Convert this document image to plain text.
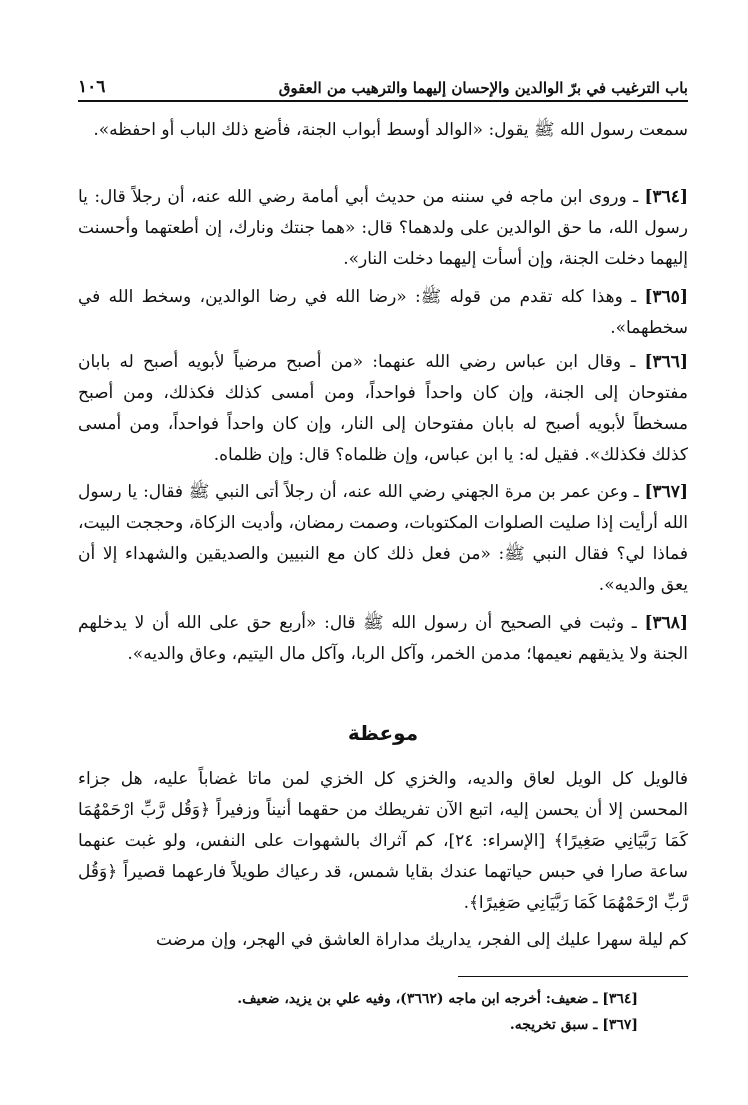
باب الترغيب في برّ الوالدين والإحسان إليهما والترهيب من العقوق
١٠٦

سمعت رسول الله ﷺ يقول: «الوالد أوسط أبواب الجنة، فأضع ذلك الباب أو احفظه».

[٣٦٤] ـ وروى ابن ماجه في سننه من حديث أبي أمامة رضي الله عنه، أن رجلاً قال: يا رسول الله، ما حق الوالدين على ولدهما؟ قال: «هما جنتك ونارك، إن أطعتهما وأحسنت إليهما دخلت الجنة، وإن أسأت إليهما دخلت النار».

[٣٦٥] ـ وهذا كله تقدم من قوله ﷺ: «رضا الله في رضا الوالدين، وسخط الله في سخطهما».

[٣٦٦] ـ وقال ابن عباس رضي الله عنهما: «من أصبح مرضياً لأبويه أصبح له بابان مفتوحان إلى الجنة، وإن كان واحداً فواحداً، ومن أمسى كذلك فكذلك، ومن أصبح مسخطاً لأبويه أصبح له بابان مفتوحان إلى النار، وإن كان واحداً فواحداً، ومن أمسى كذلك فكذلك». فقيل له: يا ابن عباس، وإن ظلماه؟ قال: وإن ظلماه.

[٣٦٧] ـ وعن عمر بن مرة الجهني رضي الله عنه، أن رجلاً أتى النبي ﷺ فقال: يا رسول الله أرأيت إذا صليت الصلوات المكتوبات، وصمت رمضان، وأديت الزكاة، وحججت البيت، فماذا لي؟ فقال النبي ﷺ: «من فعل ذلك كان مع النبيين والصديقين والشهداء إلا أن يعق والديه».

[٣٦٨] ـ وثبت في الصحيح أن رسول الله ﷺ قال: «أربع حق على الله أن لا يدخلهم الجنة ولا يذيقهم نعيمها؛ مدمن الخمر، وآكل الربا، وآكل مال اليتيم، وعاق والديه».

موعظة

فالويل كل الويل لعاق والديه، والخزي كل الخزي لمن ماتا غضاباً عليه، هل جزاء المحسن إلا أن يحسن إليه، اتبع الآن تفريطك من حقهما أنيناً وزفيراً ﴿وَقُل رَّبِّ ارْحَمْهُمَا كَمَا رَبَّيَانِي صَغِيرًا﴾ [الإسراء: ٢٤]، كم آثراك بالشهوات على النفس، ولو غبت عنهما ساعة صارا في حبس حياتهما عندك بقايا شمس، قد رعياك طويلاً فارعهما قصيراً ﴿وَقُل رَّبِّ ارْحَمْهُمَا كَمَا رَبَّيَانِي صَغِيرًا﴾.

كم ليلة سهرا عليك إلى الفجر، يداريك مداراة العاشق في الهجر، وإن مرضت

[٣٦٤] ـ ضعيف: أخرجه ابن ماجه (٣٦٦٢)، وفيه علي بن يزيد، ضعيف.

[٣٦٧] ـ سبق تخريجه.
